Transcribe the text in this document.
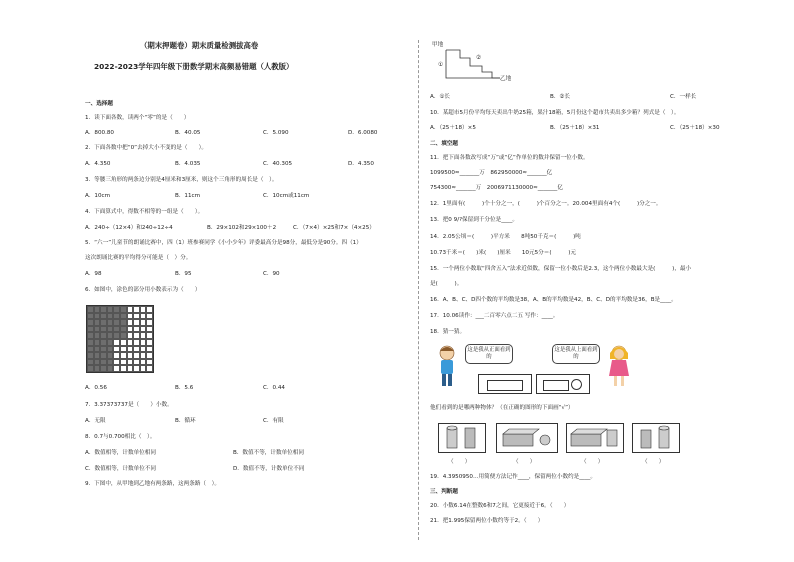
（期末押题卷）期末质量检测拔高卷
2022-2023学年四年级下册数学期末高频易错题（人教版）
一、选择题
1．读下面各数，读两个“零”的是（　　）
A．800.80	B．40.05	C．5.090	D．6.0080
2．下面各数中把“0”去掉大小不变的是（　　）。
A．4.350	B．4.035	C．40.305	D．4.350
3．等腰三角形的两条边分别是4厘米和3厘米，则这个三角形的周长是（　）。
A．10cm	B．11cm	C．10cm或11cm
4．下面算式中，得数不相等的一组是（　　）。
A．240÷（12×4）和240÷12÷4	B．29×102和29×100＋2	C．（7×4）×25和7×（4×25）
5．“六一”儿童节的朗诵比赛中，四（1）班参赛同学《小小少年》评委最高分是98分，最低分是90分。四（1）
这次朗诵比赛的平均得分可能是（　）分。
A．98	B．95	C．90
6．如图中，涂色的部分用小数表示为（　　）
A．0.56	B．5.6	C．0.44
7．3.37373737是（　　）小数。
A．无限	B．循环	C．有限
8．0.7与0.700相比（　）。
A．数值相等，计数单位相同	B．数值不等，计数单位相同
C．数值相等，计数单位不同	D．数值不等，计数单位不同
9．下图中，从甲地到乙地有两条路，这两条路（　）。
甲地
乙地
①
②
A．①长	B．②长	C．一样长
10．某超市5月份平均每天卖出牛奶25箱，果汁18箱，5月份这个超市共卖出多少箱？列式是（　）。
A．（25＋18）×5	B．（25＋18）×31	C．（25＋18）×30
二、填空题
11．把下面各数改写成“万”或“亿”作单位的数并保留一位小数。
1099500≈_______万　862950000≈_______亿
754300≈_______万　2006971130000≈_______亿
12．1里面有(　　　)个十分之一，(　　　)个百分之一。20.004里面有4个(　　　)分之一。
13．把0 9/?保留到千分位是____。
14．2.05公顷＝(　　　)平方米　　8吨50千克＝(　　　)吨
10.73千米＝(　　)米(　　)厘米　　10元5分＝(　　　)元
15．一个两位小数取“四舍五入”法求近似数，保留一位小数后是2.3，这个两位小数最大是(　　　)，最小
是(　　　)。
16．A、B、C、D四个数的平均数是38，A、B的平均数是42，B、C、D的平均数是36，B是____。
17．10.06读作：___二百零六点二五 写作：____。
18．猜一猜。
这是我从正面看到的
这是我从上面看到的
他们看到的是哪两种物体？（在正确的图形的下面画“√”）
（　　）	（　　）	（　　）	（　　）
19．4.3950950…用简便方法记作____，保留两位小数约是____。
三、判断题
20．小数6.14在整数6和7之间，它更接近于6。（　　）
21．把1.995保留两位小数约等于2。（　　）
